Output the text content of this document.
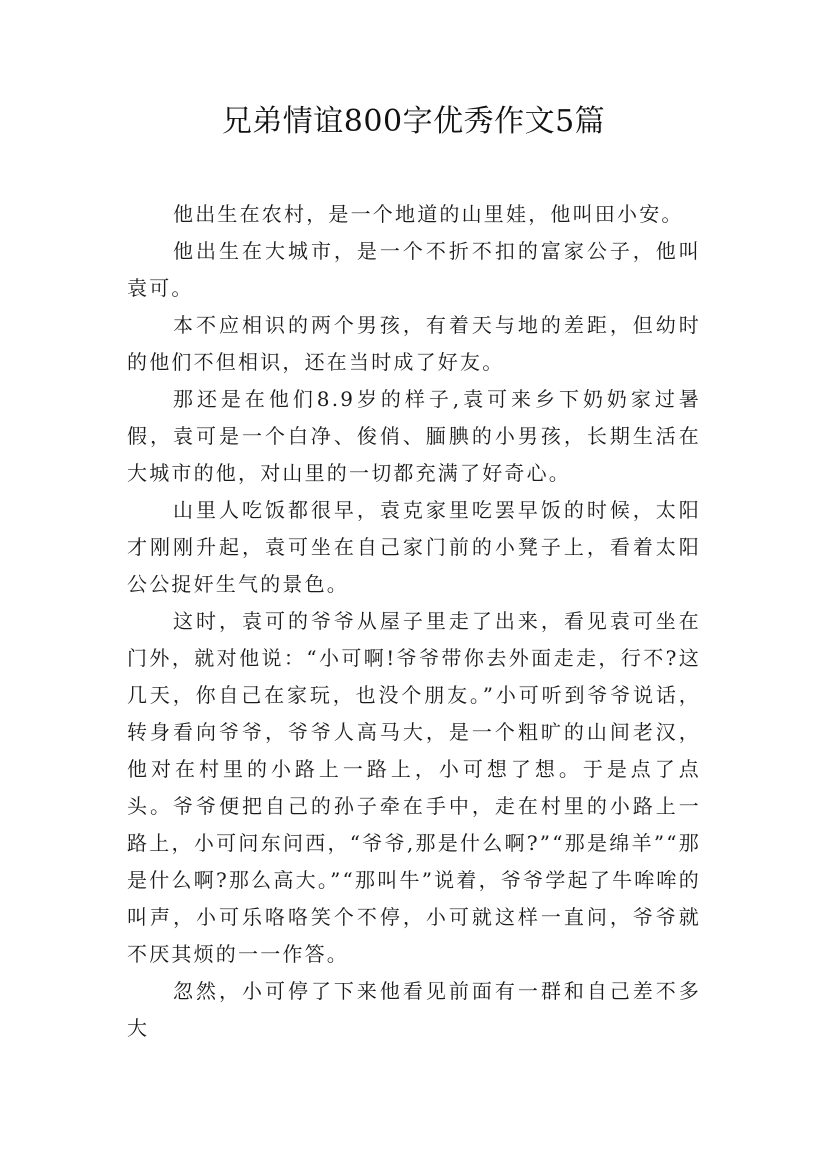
兄弟情谊800字优秀作文5篇

他出生在农村，是一个地道的山里娃，他叫田小安。

他出生在大城市，是一个不折不扣的富家公子，他叫袁可。

本不应相识的两个男孩，有着天与地的差距，但幼时的他们不但相识，还在当时成了好友。

那还是在他们8.9岁的样子,袁可来乡下奶奶家过暑假，袁可是一个白净、俊俏、腼腆的小男孩，长期生活在大城市的他，对山里的一切都充满了好奇心。

山里人吃饭都很早，袁克家里吃罢早饭的时候，太阳才刚刚升起，袁可坐在自己家门前的小凳子上，看着太阳公公捉奸生气的景色。

这时，袁可的爷爷从屋子里走了出来，看见袁可坐在门外，就对他说：“小可啊!爷爷带你去外面走走，行不?这几天，你自己在家玩，也没个朋友。”小可听到爷爷说话，转身看向爷爷，爷爷人高马大，是一个粗旷的山间老汉，他对在村里的小路上一路上，小可想了想。于是点了点头。爷爷便把自己的孙子牵在手中，走在村里的小路上一路上，小可问东问西，“爷爷,那是什么啊?”“那是绵羊”“那是什么啊?那么高大。”“那叫牛”说着，爷爷学起了牛哞哞的叫声，小可乐咯咯笑个不停，小可就这样一直问，爷爷就不厌其烦的一一作答。

忽然，小可停了下来他看见前面有一群和自己差不多大
